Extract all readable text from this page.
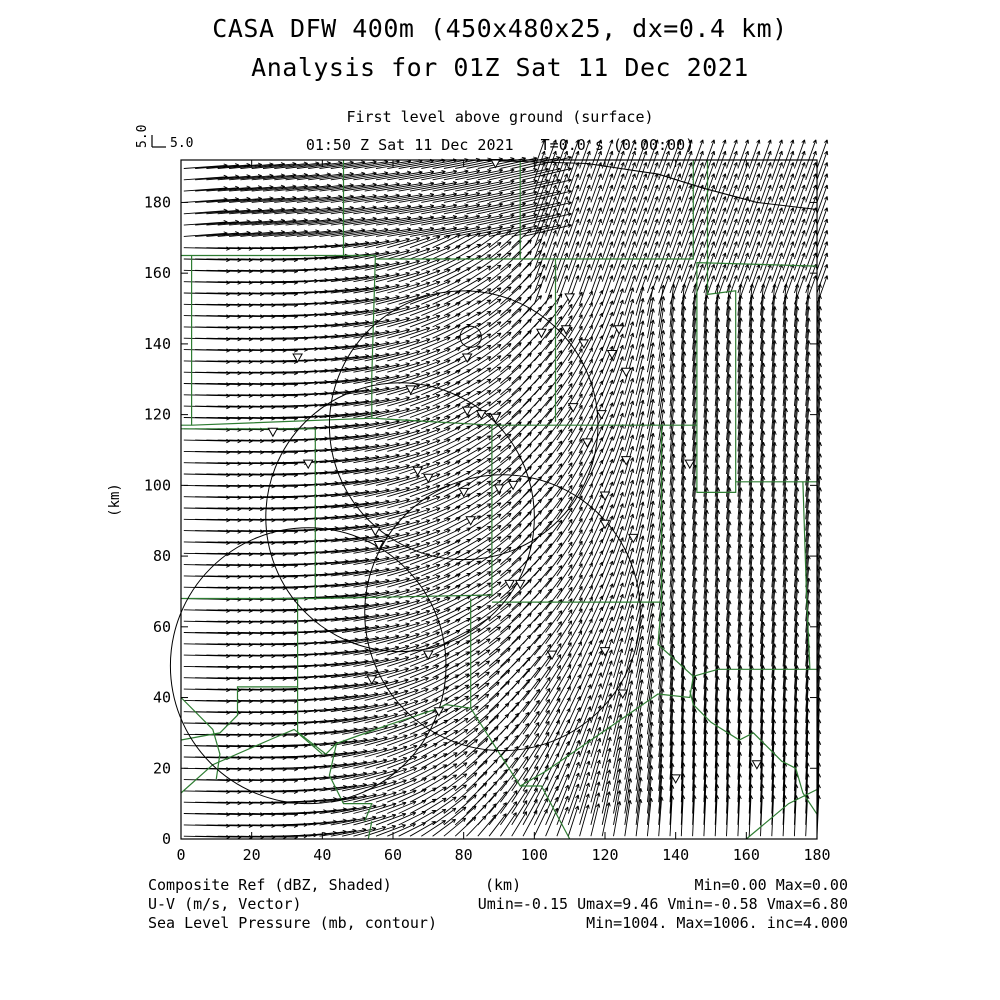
CASA DFW 400m (450x480x25, dx=0.4 km)
Analysis for 01Z Sat 11 Dec 2021
First level above ground (surface)
01:50 Z Sat 11 Dec 2021   T=0.0 s (0:00:00)
0	20	40	60	80	100	120	140	160	180
0
20
40
60
80
100
120
140
160
180
(km)
5.0 5.0
Composite Ref (dBZ, Shaded)
U-V (m/s, Vector)
Sea Level Pressure (mb, contour)
(km)	Min=0.00 Max=0.00
Umin=-0.15 Umax=9.46 Vmin=-0.58 Vmax=6.80
Min=1004. Max=1006. inc=4.000
